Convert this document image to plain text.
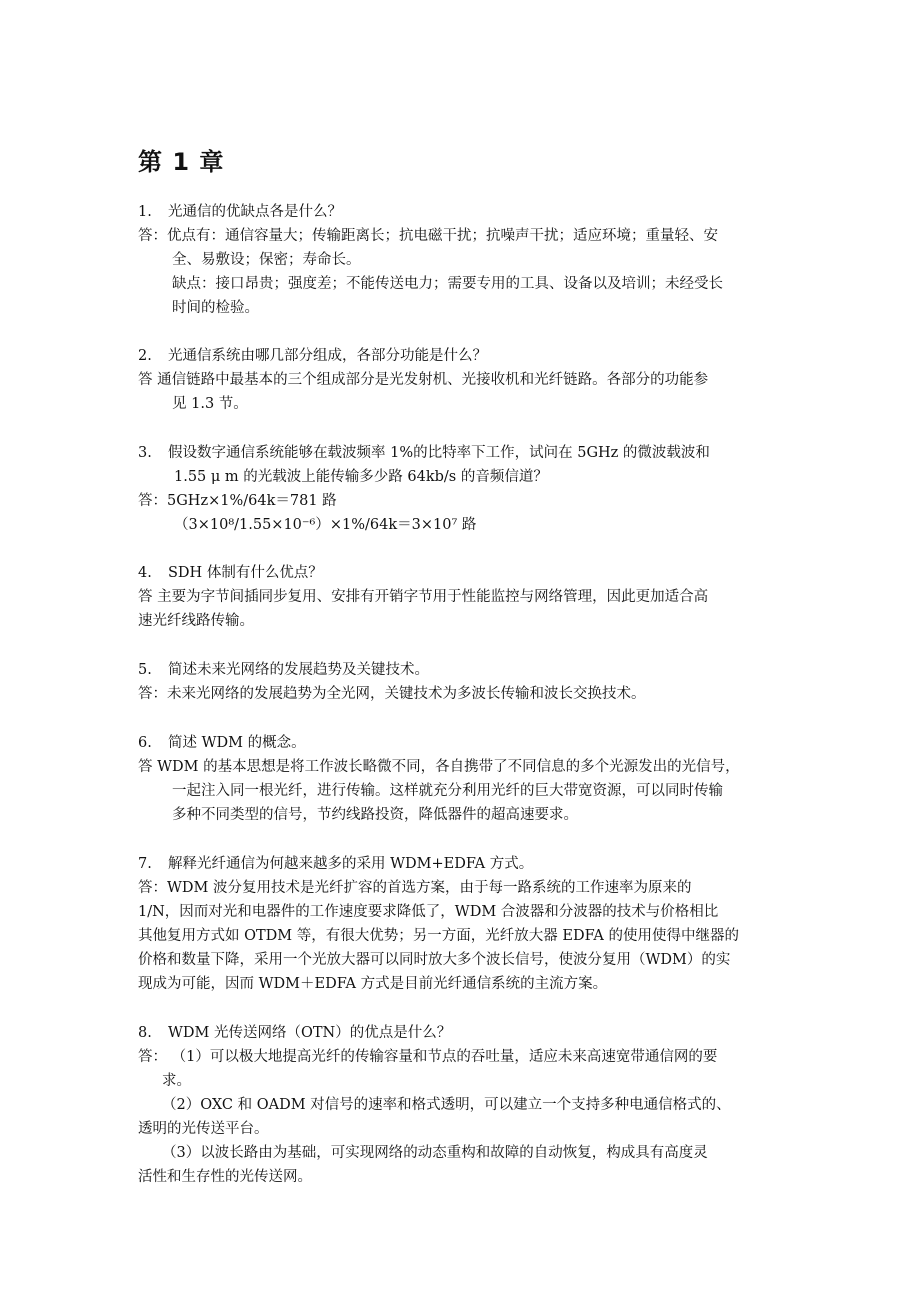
第 1 章
1. 光通信的优缺点各是什么？
答：优点有：通信容量大；传输距离长；抗电磁干扰；抗噪声干扰；适应环境；重量轻、安
全、易敷设；保密；寿命长。
缺点：接口昂贵；强度差；不能传送电力；需要专用的工具、设备以及培训；未经受长
时间的检验。
2. 光通信系统由哪几部分组成，各部分功能是什么？
答 通信链路中最基本的三个组成部分是光发射机、光接收机和光纤链路。各部分的功能参
见 1.3 节。
3. 假设数字通信系统能够在载波频率 1%的比特率下工作，试问在 5GHz 的微波载波和
1.55 μ m 的光载波上能传输多少路 64kb/s 的音频信道？
答：5GHz×1%/64k＝781 路
（3×10⁸/1.55×10⁻⁶）×1%/64k＝3×10⁷ 路
4. SDH 体制有什么优点？
答 主要为字节间插同步复用、安排有开销字节用于性能监控与网络管理，因此更加适合高
速光纤线路传输。
5. 简述未来光网络的发展趋势及关键技术。
答：未来光网络的发展趋势为全光网，关键技术为多波长传输和波长交换技术。
6. 简述 WDM 的概念。
答 WDM 的基本思想是将工作波长略微不同，各自携带了不同信息的多个光源发出的光信号，
一起注入同一根光纤，进行传输。这样就充分利用光纤的巨大带宽资源，可以同时传输
多种不同类型的信号，节约线路投资，降低器件的超高速要求。
7. 解释光纤通信为何越来越多的采用 WDM+EDFA 方式。
答：WDM 波分复用技术是光纤扩容的首选方案，由于每一路系统的工作速率为原来的
1/N，因而对光和电器件的工作速度要求降低了，WDM 合波器和分波器的技术与价格相比
其他复用方式如 OTDM 等，有很大优势；另一方面，光纤放大器 EDFA 的使用使得中继器的
价格和数量下降，采用一个光放大器可以同时放大多个波长信号，使波分复用（WDM）的实
现成为可能，因而 WDM＋EDFA 方式是目前光纤通信系统的主流方案。
8. WDM 光传送网络（OTN）的优点是什么？
答： （1）可以极大地提高光纤的传输容量和节点的吞吐量，适应未来高速宽带通信网的要
求。
（2）OXC 和 OADM 对信号的速率和格式透明，可以建立一个支持多种电通信格式的、
透明的光传送平台。
（3）以波长路由为基础，可实现网络的动态重构和故障的自动恢复，构成具有高度灵
活性和生存性的光传送网。
